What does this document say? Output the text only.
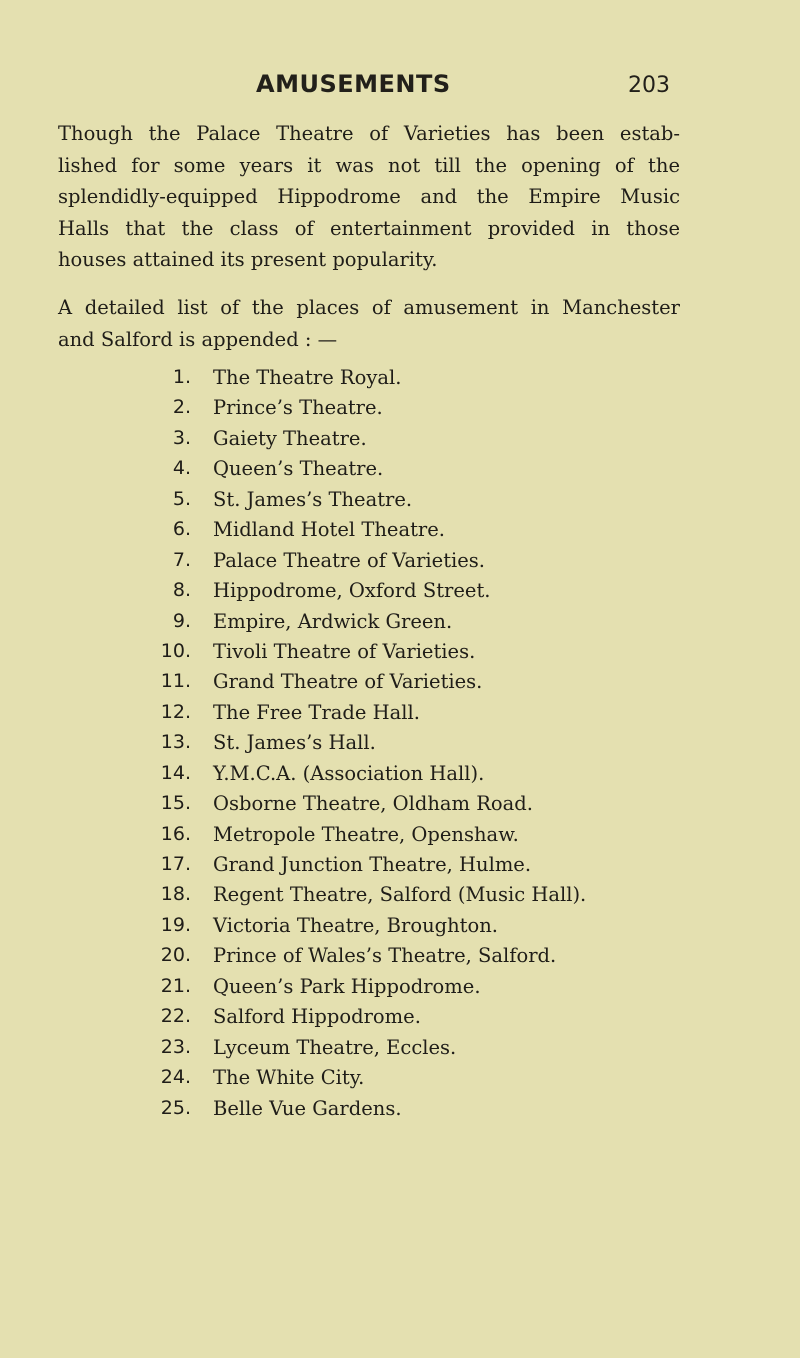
AMUSEMENTS	203
Though the Palace Theatre of Varieties has been estab-
lished for some years it was not till the opening of the
splendidly-equipped Hippodrome and the Empire Music
Halls that the class of entertainment provided in those
houses attained its present popularity.
A detailed list of the places of amusement in Manchester
and Salford is appended : —
1. The Theatre Royal.
2. Prince’s Theatre.
3. Gaiety Theatre.
4. Queen’s Theatre.
5. St. James’s Theatre.
6. Midland Hotel Theatre.
7. Palace Theatre of Varieties.
8. Hippodrome, Oxford Street.
9. Empire, Ardwick Green.
10. Tivoli Theatre of Varieties.
11. Grand Theatre of Varieties.
12. The Free Trade Hall.
13. St. James’s Hall.
14. Y.M.C.A. (Association Hall).
15. Osborne Theatre, Oldham Road.
16. Metropole Theatre, Openshaw.
17. Grand Junction Theatre, Hulme.
18. Regent Theatre, Salford (Music Hall).
19. Victoria Theatre, Broughton.
20. Prince of Wales’s Theatre, Salford.
21. Queen’s Park Hippodrome.
22. Salford Hippodrome.
23. Lyceum Theatre, Eccles.
24. The White City.
25. Belle Vue Gardens.
